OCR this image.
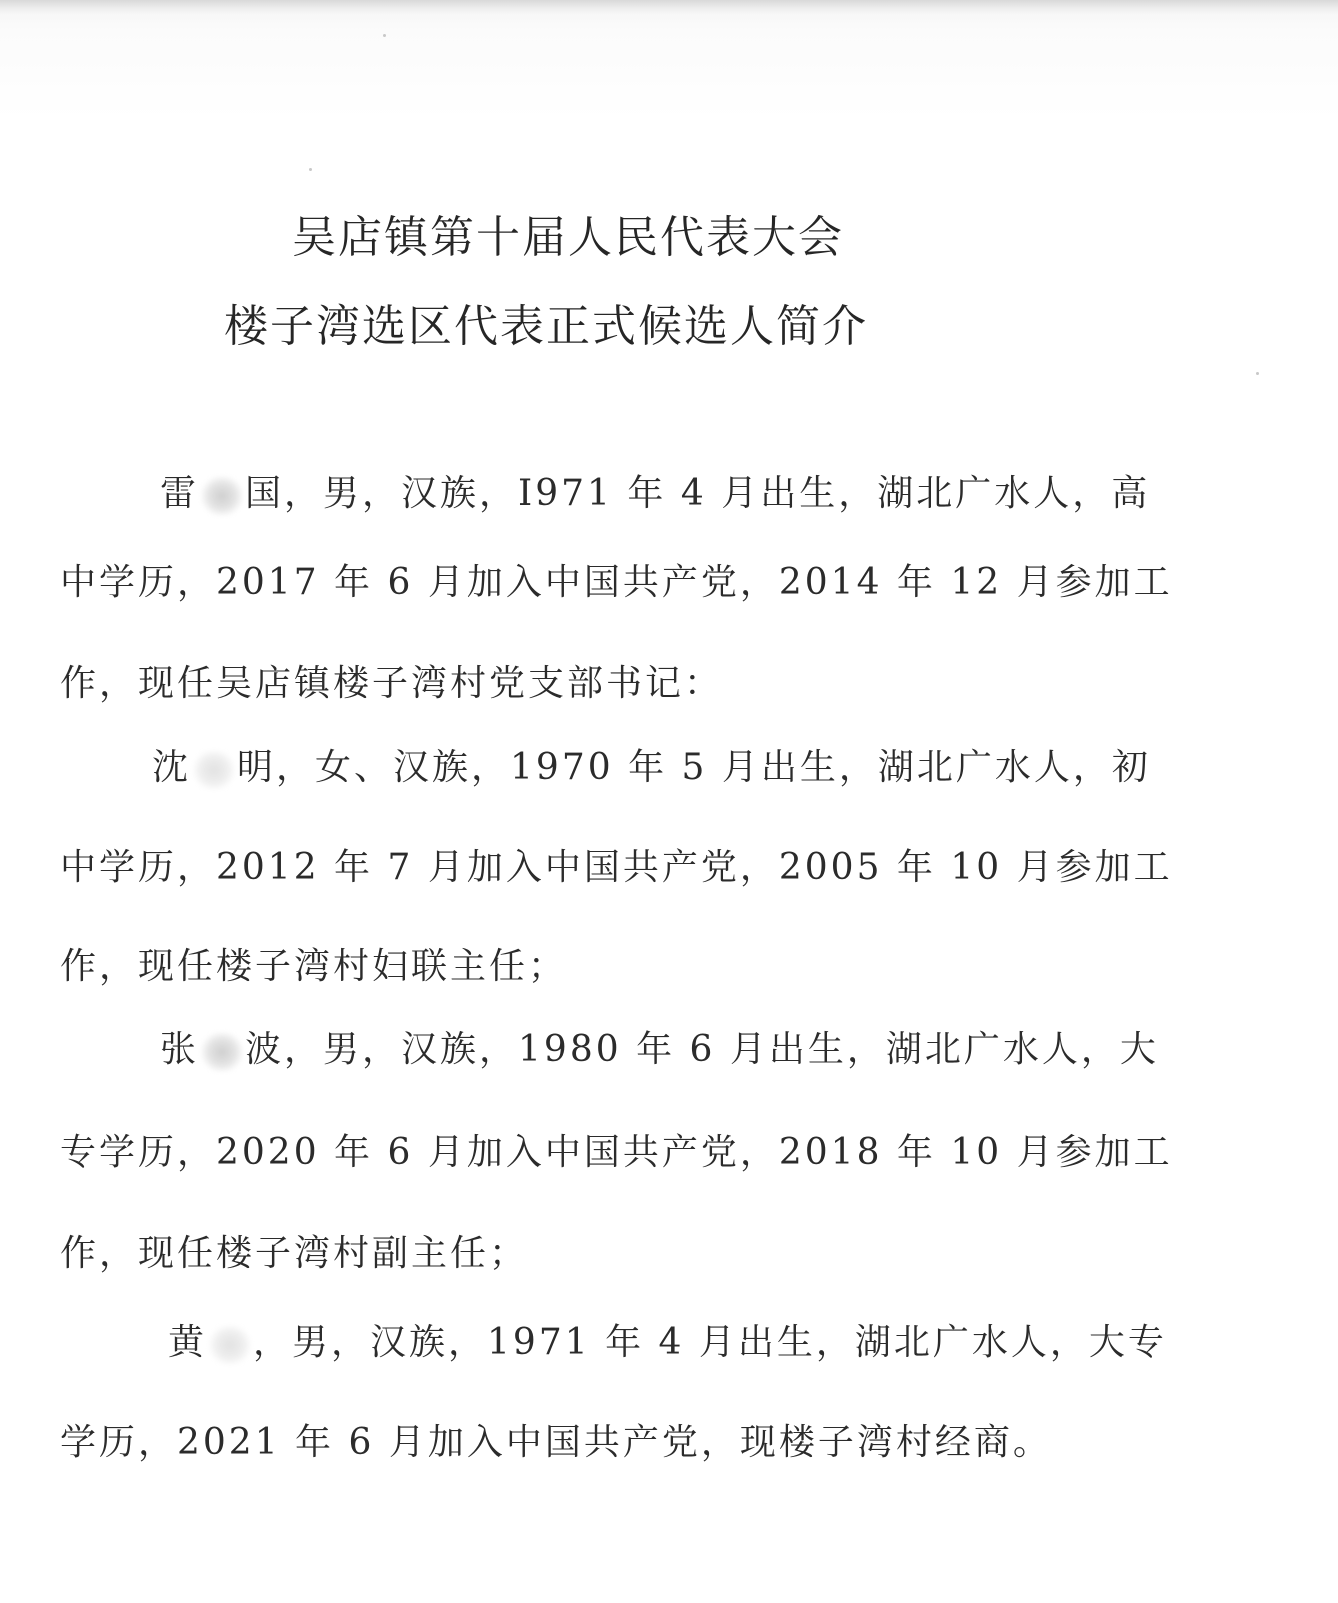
吴店镇第十届人民代表大会
楼子湾选区代表正式候选人简介
雷 国，男，汉族，I971 年 4 月出生，湖北广水人，高
中学历，2017 年 6 月加入中国共产党，2014 年 12 月参加工
作，现任吴店镇楼子湾村党支部书记：
沈 明，女、汉族，1970 年 5 月出生，湖北广水人，初
中学历，2012 年 7 月加入中国共产党，2005 年 10 月参加工
作，现任楼子湾村妇联主任；
张 波，男，汉族，1980 年 6 月出生，湖北广水人，大
专学历，2020 年 6 月加入中国共产党，2018 年 10 月参加工
作，现任楼子湾村副主任；
黄 ，男，汉族，1971 年 4 月出生，湖北广水人，大专
学历，2021 年 6 月加入中国共产党，现楼子湾村经商。
